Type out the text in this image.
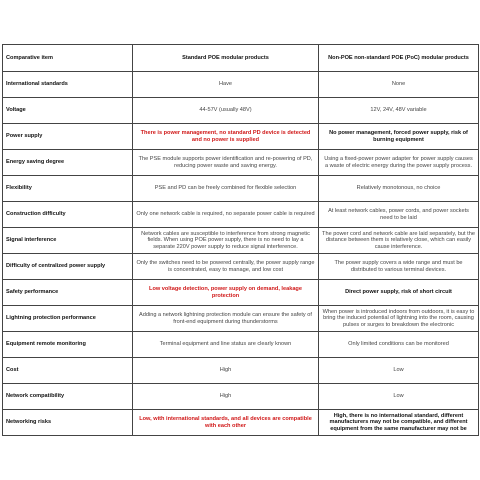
Comparative item	Standard POE modular products	Non-POE non-standard POE (PoC) modular products
International standards	Have	None
Voltage	44-57V (usually 48V)	12V, 24V, 48V variable
Power supply	There is power management, no standard PD device is detected and no power is supplied	No power management, forced power supply, risk of burning equipment
Energy saving degree	The PSE module supports power identification and re-powering of PD, reducing power waste and saving energy.	Using a fixed-power power adapter for power supply causes a waste of electric energy during the power supply process.
Flexibility	PSE and PD can be freely combined for flexible selection	Relatively monotonous, no choice
Construction difficulty	Only one network cable is required, no separate power cable is required	At least network cables, power cords, and power sockets need to be laid
Signal interference	Network cables are susceptible to interference from strong magnetic fields. When using POE power supply, there is no need to lay a separate 220V power supply to reduce signal interference.	The power cord and network cable are laid separately, but the distance between them is relatively close, which can easily cause interference.
Difficulty of centralized power supply	Only the switches need to be powered centrally, the power supply range is concentrated, easy to manage, and low cost	The power supply covers a wide range and must be distributed to various terminal devices.
Safety performance	Low voltage detection, power supply on demand, leakage protection	Direct power supply, risk of short circuit
Lightning protection performance	Adding a network lightning protection module can ensure the safety of front-end equipment during thunderstorms	When power is introduced indoors from outdoors, it is easy to bring the induced potential of lightning into the room, causing pulses or surges to breakdown the electronic
Equipment remote monitoring	Terminal equipment and line status are clearly known	Only limited conditions can be monitored
Cost	High	Low
Network compatibility	High	Low
Networking risks	Low, with international standards, and all devices are compatible with each other	High, there is no international standard, different manufacturers may not be compatible, and different equipment from the same manufacturer may not be
